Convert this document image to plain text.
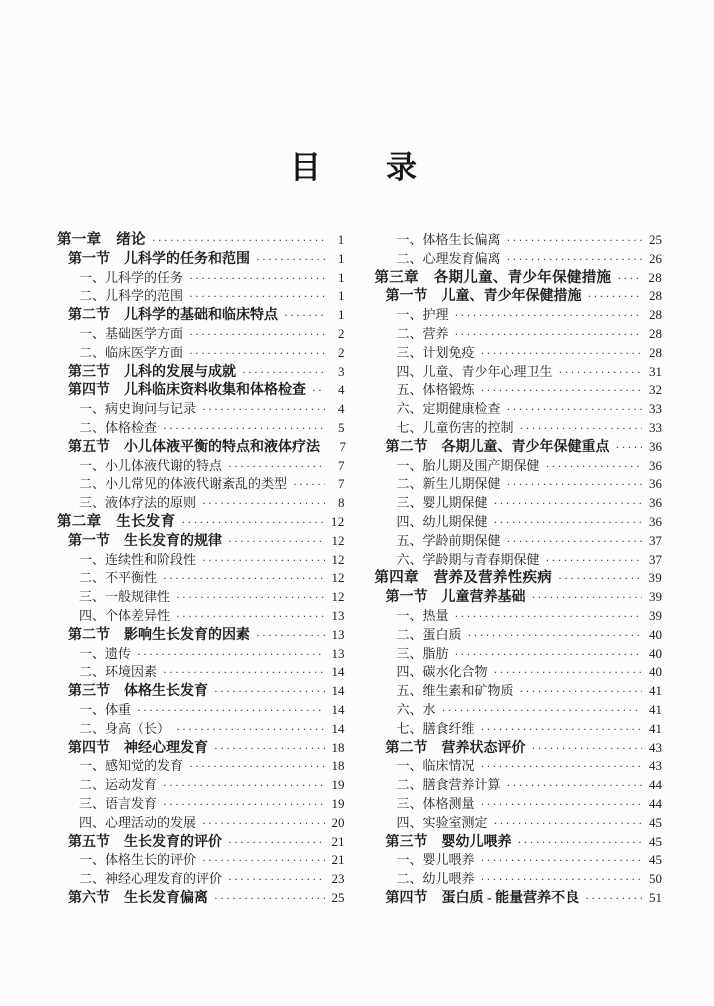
目　　录
第一章　绪论 ·····	1
第一节　儿科学的任务和范围 ·····	1
一、儿科学的任务 ·····	1
二、儿科学的范围 ·····	1
第二节　儿科学的基础和临床特点 ·····	1
一、基础医学方面 ·····	2
二、临床医学方面 ·····	2
第三节　儿科的发展与成就 ·····	3
第四节　儿科临床资料收集和体格检查 ·····	4
一、病史询问与记录 ·····	4
二、体格检查 ·····	5
第五节　小儿体液平衡的特点和液体疗法	7
一、小儿体液代谢的特点 ·····	7
二、小儿常见的体液代谢紊乱的类型 ·····	7
三、液体疗法的原则 ·····	8
第二章　生长发育 ·····	12
第一节　生长发育的规律 ·····	12
一、连续性和阶段性 ·····	12
二、不平衡性 ·····	12
三、一般规律性 ·····	12
四、个体差异性 ·····	13
第二节　影响生长发育的因素 ·····	13
一、遗传 ·····	13
二、环境因素 ·····	14
第三节　体格生长发育 ·····	14
一、体重 ·····	14
二、身高（长） ·····	14
第四节　神经心理发育 ·····	18
一、感知觉的发育 ·····	18
二、运动发育 ·····	19
三、语言发育 ·····	19
四、心理活动的发展 ·····	20
第五节　生长发育的评价 ·····	21
一、体格生长的评价 ·····	21
二、神经心理发育的评价 ·····	23
第六节　生长发育偏离 ·····	25
一、体格生长偏离 ·····	25
二、心理发育偏离 ·····	26
第三章　各期儿童、青少年保健措施 ·····	28
第一节　儿童、青少年保健措施 ·····	28
一、护理 ·····	28
二、营养 ·····	28
三、计划免疫 ·····	28
四、儿童、青少年心理卫生 ·····	31
五、体格锻炼 ·····	32
六、定期健康检查 ·····	33
七、儿童伤害的控制 ·····	33
第二节　各期儿童、青少年保健重点 ·····	36
一、胎儿期及围产期保健 ·····	36
二、新生儿期保健 ·····	36
三、婴儿期保健 ·····	36
四、幼儿期保健 ·····	36
五、学龄前期保健 ·····	37
六、学龄期与青春期保健 ·····	37
第四章　营养及营养性疾病 ·····	39
第一节　儿童营养基础 ·····	39
一、热量 ·····	39
二、蛋白质 ·····	40
三、脂肪 ·····	40
四、碳水化合物 ·····	40
五、维生素和矿物质 ·····	41
六、水 ·····	41
七、膳食纤维 ·····	41
第二节　营养状态评价 ·····	43
一、临床情况 ·····	43
二、膳食营养计算 ·····	44
三、体格测量 ·····	44
四、实验室测定 ·····	45
第三节　婴幼儿喂养 ·····	45
一、婴儿喂养 ·····	45
二、幼儿喂养 ·····	50
第四节　蛋白质 - 能量营养不良 ·····	51
